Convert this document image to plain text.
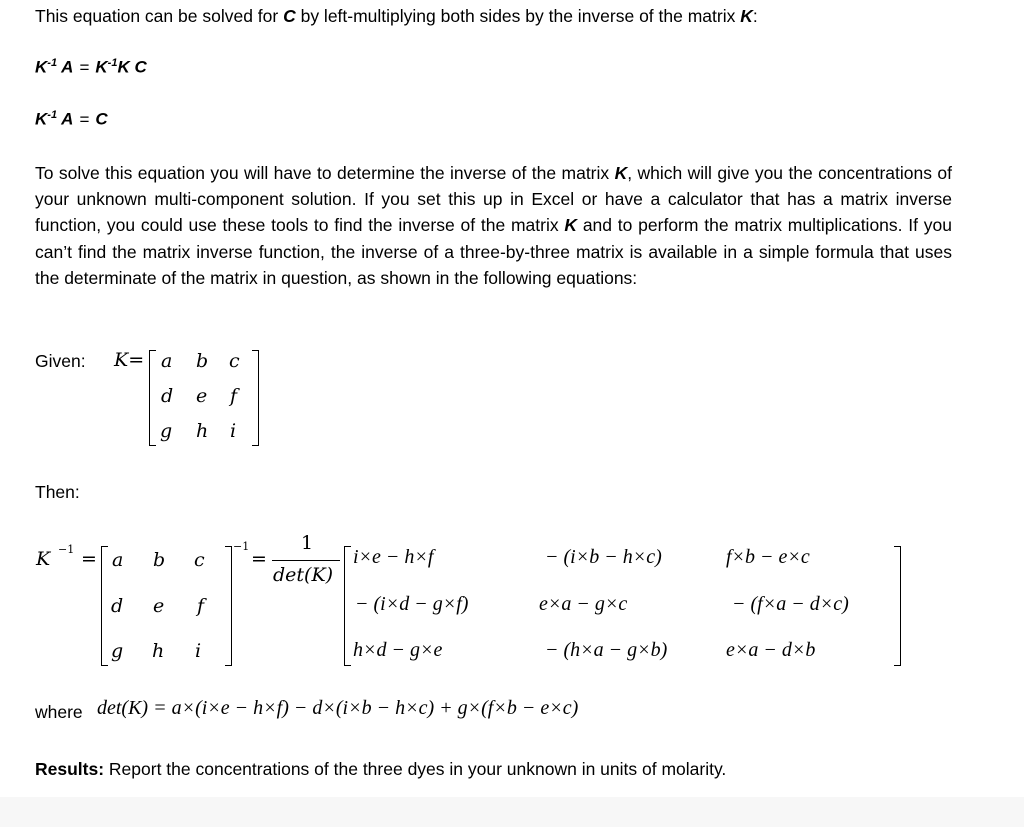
This equation can be solved for C by left-multiplying both sides by the inverse of the matrix K:
$K^{-1}$ $A = K^{-1}K$ C
$K^{-1}$ A = C
To solve this equation you will have to determine the inverse of the matrix K, which will give you the concentrations of your unknown multi-component solution. If you set this up in Excel or have a calculator that has a matrix inverse function, you could use these tools to find the inverse of the matrix K and to perform the matrix multiplications. If you can’t find the matrix inverse function, the inverse of a three-by-three matrix is available in a simple formula that uses the determinate of the matrix in question, as shown in the following equations:
Given: K= a b c
d e f
g h i
Then:
K −1 = a b c
d e f
g h i
−1
=
1
det(K)
i×e − h×f	− (i×b − h×c)	f×b − e×c
− (i×d − g×f)	e×a − g×c	− (f×a − d×c)
h×d − g×e	− (h×a − g×b)	e×a − d×b
where det(K) = a×(i×e − h×f) − d×(i×b − h×c) + g×(f×b − e×c)
Results: Report the concentrations of the three dyes in your unknown in units of molarity.
